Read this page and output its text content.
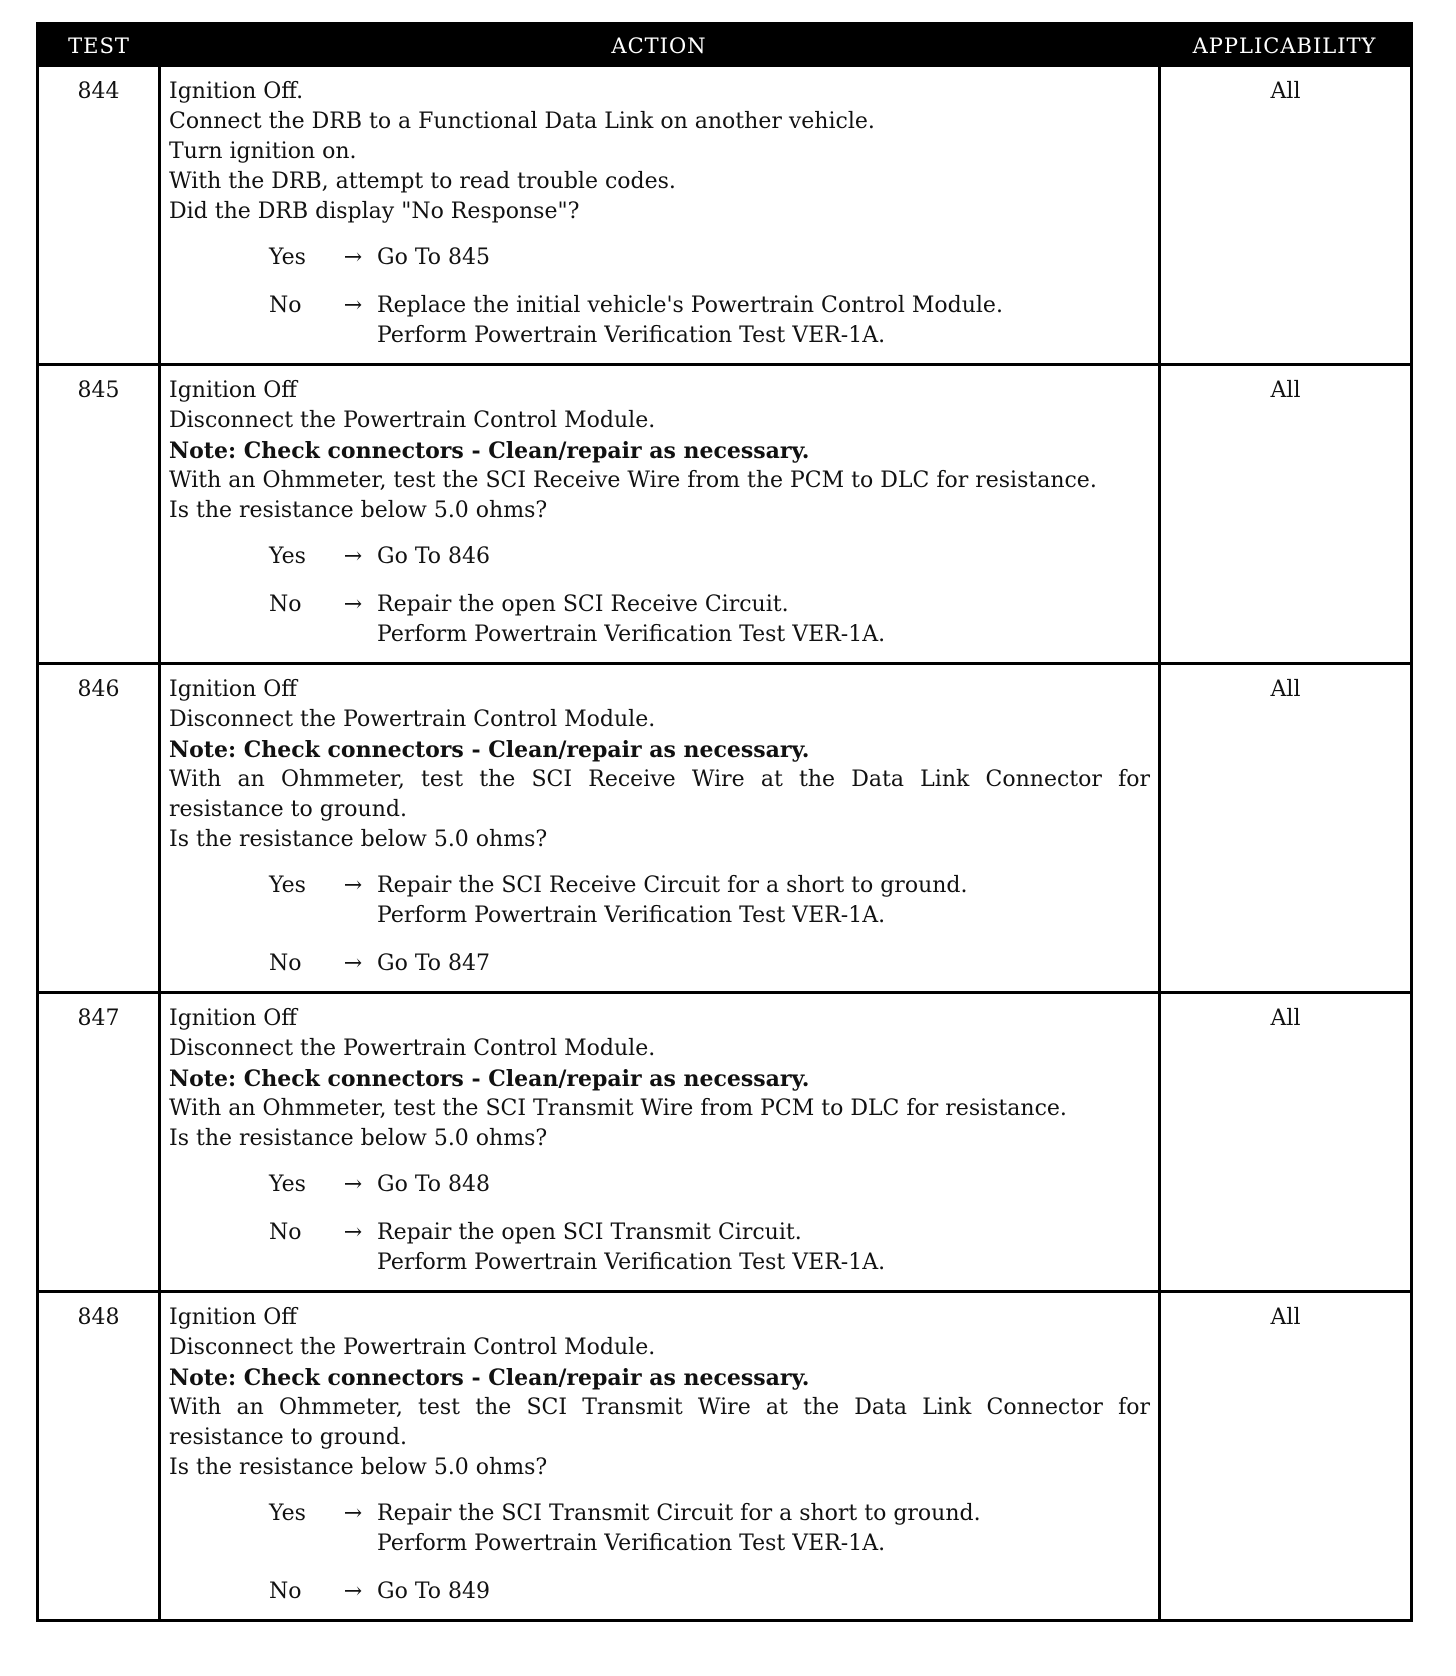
TEST	ACTION	APPLICABILITY
844	Ignition Off.
Connect the DRB to a Functional Data Link on another vehicle.
Turn ignition on.
With the DRB, attempt to read trouble codes.
Did the DRB display "No Response"?
Yes	→ Go To 845
No	→ Replace the initial vehicle's Powertrain Control Module.
Perform Powertrain Verification Test VER-1A.
All
845	Ignition Off
Disconnect the Powertrain Control Module.
Note: Check connectors - Clean/repair as necessary.
With an Ohmmeter, test the SCI Receive Wire from the PCM to DLC for resistance.
Is the resistance below 5.0 ohms?
Yes	→ Go To 846
No	→ Repair the open SCI Receive Circuit.
Perform Powertrain Verification Test VER-1A.
All
846	Ignition Off
Disconnect the Powertrain Control Module.
Note: Check connectors - Clean/repair as necessary.
With an Ohmmeter, test the SCI Receive Wire at the Data Link Connector for
resistance to ground.
Is the resistance below 5.0 ohms?
Yes	→ Repair the SCI Receive Circuit for a short to ground.
Perform Powertrain Verification Test VER-1A.
No	→ Go To 847
All
847	Ignition Off
Disconnect the Powertrain Control Module.
Note: Check connectors - Clean/repair as necessary.
With an Ohmmeter, test the SCI Transmit Wire from PCM to DLC for resistance.
Is the resistance below 5.0 ohms?
Yes	→ Go To 848
No	→ Repair the open SCI Transmit Circuit.
Perform Powertrain Verification Test VER-1A.
All
848	Ignition Off
Disconnect the Powertrain Control Module.
Note: Check connectors - Clean/repair as necessary.
With an Ohmmeter, test the SCI Transmit Wire at the Data Link Connector for
resistance to ground.
Is the resistance below 5.0 ohms?
Yes	→ Repair the SCI Transmit Circuit for a short to ground.
Perform Powertrain Verification Test VER-1A.
No	→ Go To 849
All
